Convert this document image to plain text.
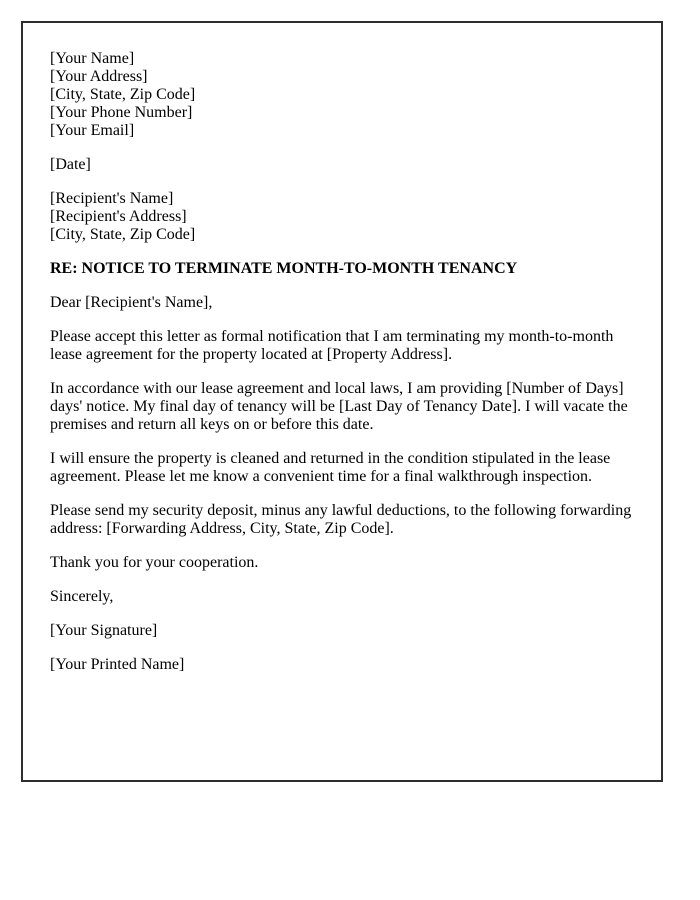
[Your Name]
[Your Address]
[City, State, Zip Code]
[Your Phone Number]
[Your Email]

[Date]

[Recipient's Name]
[Recipient's Address]
[City, State, Zip Code]

RE: NOTICE TO TERMINATE MONTH-TO-MONTH TENANCY

Dear [Recipient's Name],

Please accept this letter as formal notification that I am terminating my month-to-month
lease agreement for the property located at [Property Address].

In accordance with our lease agreement and local laws, I am providing [Number of Days]
days' notice. My final day of tenancy will be [Last Day of Tenancy Date]. I will vacate the
premises and return all keys on or before this date.

I will ensure the property is cleaned and returned in the condition stipulated in the lease
agreement. Please let me know a convenient time for a final walkthrough inspection.

Please send my security deposit, minus any lawful deductions, to the following forwarding
address: [Forwarding Address, City, State, Zip Code].

Thank you for your cooperation.

Sincerely,

[Your Signature]

[Your Printed Name]
